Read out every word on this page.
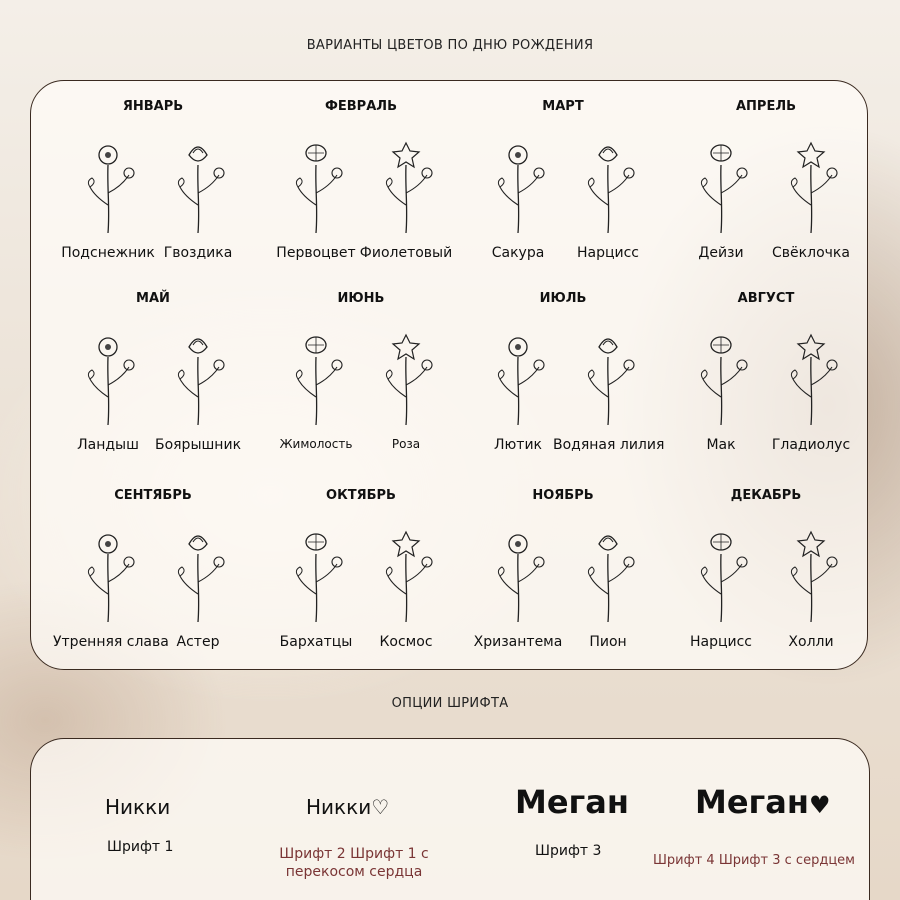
ВАРИАНТЫ ЦВЕТОВ ПО ДНЮ РОЖДЕНИЯ
ЯНВАРЬ
Подснежник Гвоздика
ФЕВРАЛЬ
Первоцвет Фиолетовый
МАРТ
Сакура	Нарцисс
АПРЕЛЬ
Дейзи	Свёклочка
МАЙ
Ландыш	Боярышник
ИЮНЬ
Жимолость	Роза
ИЮЛЬ
Лютик Водяная лилия
АВГУСТ
Мак	Гладиолус
СЕНТЯБРЬ
Утренняя слава Астер
ОКТЯБРЬ
Бархатцы	Космос
НОЯБРЬ
Хризантема	Пион
ДЕКАБРЬ
Нарцисс	Холли
ОПЦИИ ШРИФТА
Никки
Шрифт 1
Никки♡
Шрифт 2 Шрифт 1 с перекосом сердца
Меган
Шрифт 3
Меган♥
Шрифт 4 Шрифт 3 с сердцем
